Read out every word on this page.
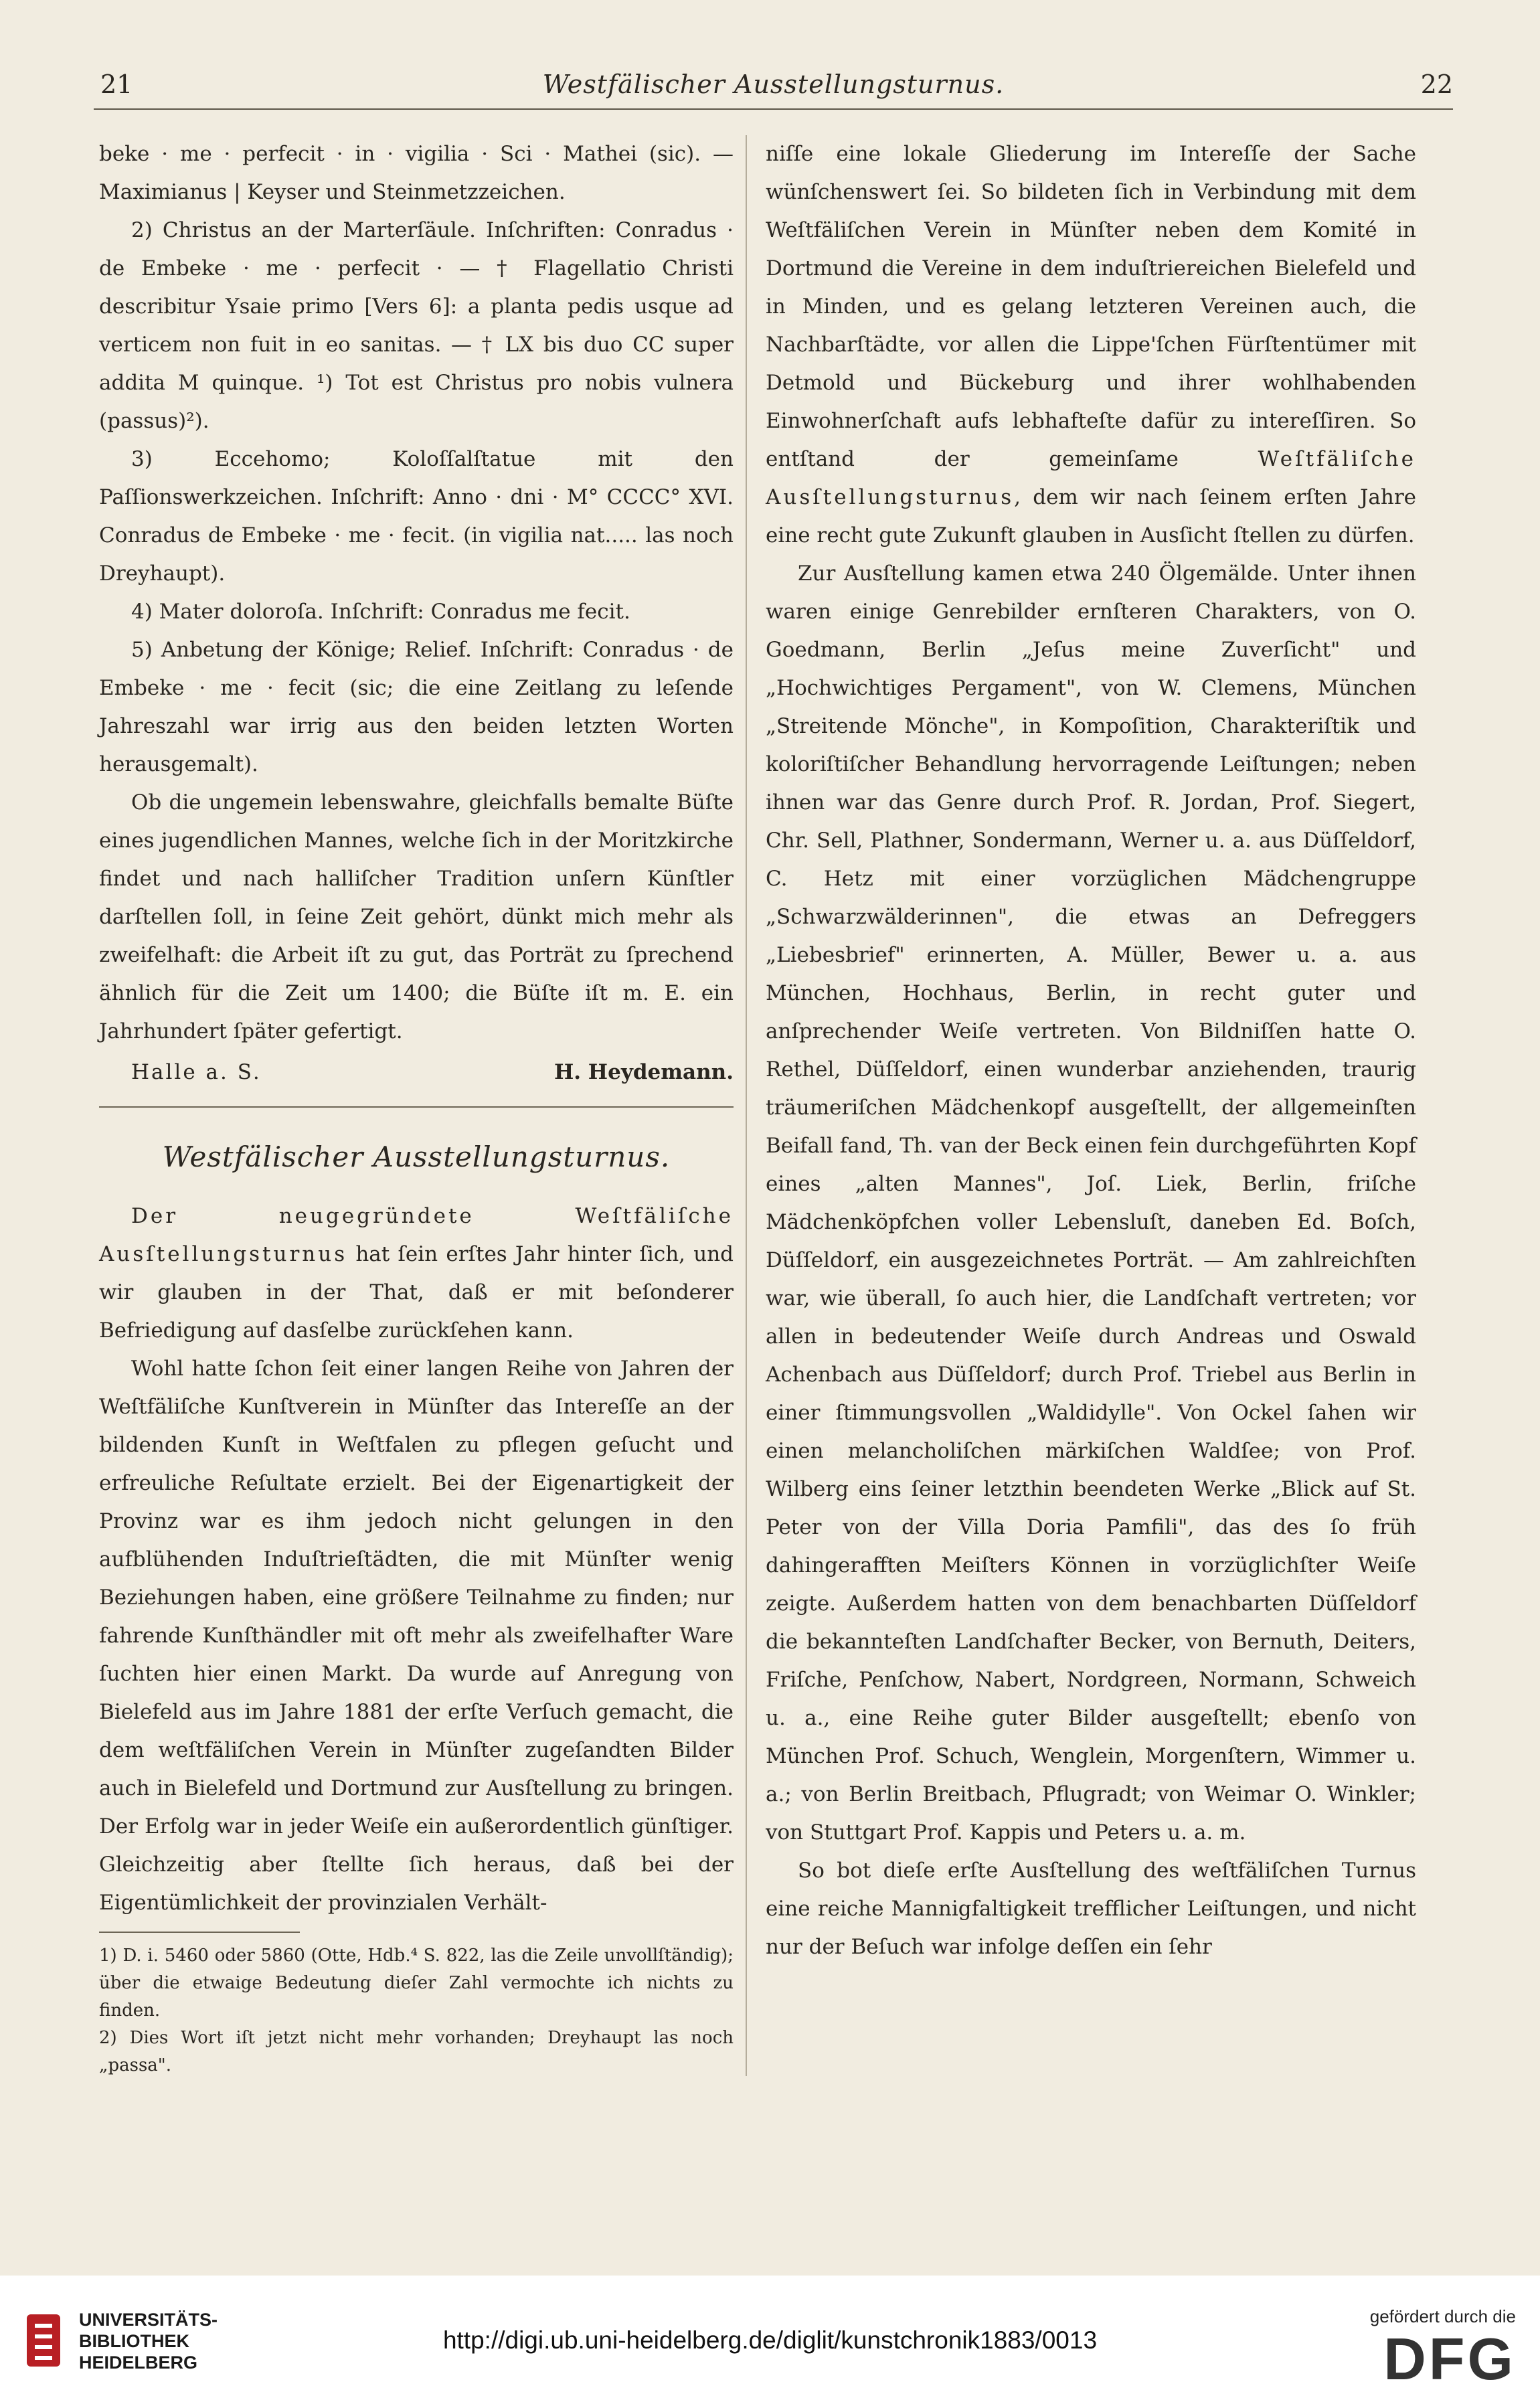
21	Westfälischer Ausstellungsturnus.	22

beke · me · perfecit · in · vigilia · Sci · Mathei (sic). — Maximianus | Keyser und Steinmetzzeichen.

2) Christus an der Marterſäule. Inſchriften: Conradus · de Embeke · me · perfecit · — † Flagellatio Christi describitur Ysaie primo [Vers 6]: a planta pedis usque ad verticem non fuit in eo sanitas. — † LX bis duo CC super addita M quinque. ¹) Tot est Christus pro nobis vulnera (passus)²).

3) Eccehomo; Koloſſalſtatue mit den Paſſionswerkzeichen. Inſchrift: Anno · dni · M° CCCC° XVI. Conradus de Embeke · me · fecit. (in vigilia nat..... las noch Dreyhaupt).

4) Mater doloroſa. Inſchrift: Conradus me fecit.

5) Anbetung der Könige; Relief. Inſchrift: Conradus · de Embeke · me · fecit (sic; die eine Zeitlang zu leſende Jahreszahl war irrig aus den beiden letzten Worten herausgemalt).

Ob die ungemein lebenswahre, gleichfalls bemalte Büſte eines jugendlichen Mannes, welche ſich in der Moritzkirche findet und nach halliſcher Tradition unſern Künſtler darſtellen ſoll, in ſeine Zeit gehört, dünkt mich mehr als zweifelhaft: die Arbeit iſt zu gut, das Porträt zu ſprechend ähnlich für die Zeit um 1400; die Büſte iſt m. E. ein Jahrhundert ſpäter gefertigt.

Halle a. S.	H. Heydemann.
Westfälischer Ausstellungsturnus.

Der neugegründete Weſtfäliſche Ausſtellungsturnus hat ſein erſtes Jahr hinter ſich, und wir glauben in der That, daß er mit beſonderer Befriedigung auf dasſelbe zurückſehen kann.

Wohl hatte ſchon ſeit einer langen Reihe von Jahren der Weſtfäliſche Kunſtverein in Münſter das Intereſſe an der bildenden Kunſt in Weſtfalen zu pflegen geſucht und erfreuliche Reſultate erzielt. Bei der Eigenartigkeit der Provinz war es ihm jedoch nicht gelungen in den aufblühenden Induſtrieſtädten, die mit Münſter wenig Beziehungen haben, eine größere Teilnahme zu finden; nur fahrende Kunſthändler mit oft mehr als zweifelhafter Ware ſuchten hier einen Markt. Da wurde auf Anregung von Bielefeld aus im Jahre 1881 der erſte Verſuch gemacht, die dem weſtfäliſchen Verein in Münſter zugeſandten Bilder auch in Bielefeld und Dortmund zur Ausſtellung zu bringen. Der Erfolg war in jeder Weiſe ein außerordentlich günſtiger. Gleichzeitig aber ſtellte ſich heraus, daß bei der Eigentümlichkeit der provinzialen Verhält-

1) D. i. 5460 oder 5860 (Otte, Hdb.⁴ S. 822, las die Zeile unvollſtändig); über die etwaige Bedeutung dieſer Zahl vermochte ich nichts zu finden.

2) Dies Wort iſt jetzt nicht mehr vorhanden; Dreyhaupt las noch „passa".

niſſe eine lokale Gliederung im Intereſſe der Sache wünſchenswert ſei. So bildeten ſich in Verbindung mit dem Weſtfäliſchen Verein in Münſter neben dem Komité in Dortmund die Vereine in dem induſtriereichen Bielefeld und in Minden, und es gelang letzteren Vereinen auch, die Nachbarſtädte, vor allen die Lippe'ſchen Fürſtentümer mit Detmold und Bückeburg und ihrer wohlhabenden Einwohnerſchaft aufs lebhafteſte dafür zu intereſſiren. So entſtand der gemeinſame Weſtfäliſche Ausſtellungsturnus, dem wir nach ſeinem erſten Jahre eine recht gute Zukunft glauben in Ausſicht ſtellen zu dürfen.

Zur Ausſtellung kamen etwa 240 Ölgemälde. Unter ihnen waren einige Genrebilder ernſteren Charakters, von O. Goedmann, Berlin „Jeſus meine Zuverſicht" und „Hochwichtiges Pergament", von W. Clemens, München „Streitende Mönche", in Kompoſition, Charakteriſtik und koloriſtiſcher Behandlung hervorragende Leiſtungen; neben ihnen war das Genre durch Prof. R. Jordan, Prof. Siegert, Chr. Sell, Plathner, Sondermann, Werner u. a. aus Düſſeldorf, C. Hetz mit einer vorzüglichen Mädchengruppe „Schwarzwälderinnen", die etwas an Defreggers „Liebesbrief" erinnerten, A. Müller, Bewer u. a. aus München, Hochhaus, Berlin, in recht guter und anſprechender Weiſe vertreten. Von Bildniſſen hatte O. Rethel, Düſſeldorf, einen wunderbar anziehenden, traurig träumeriſchen Mädchenkopf ausgeſtellt, der allgemeinſten Beifall fand, Th. van der Beck einen fein durchgeführten Kopf eines „alten Mannes", Joſ. Liek, Berlin, friſche Mädchenköpfchen voller Lebensluſt, daneben Ed. Boſch, Düſſeldorf, ein ausgezeichnetes Porträt. — Am zahlreichſten war, wie überall, ſo auch hier, die Landſchaft vertreten; vor allen in bedeutender Weiſe durch Andreas und Oswald Achenbach aus Düſſeldorf; durch Prof. Triebel aus Berlin in einer ſtimmungsvollen „Waldidylle". Von Ockel ſahen wir einen melancholiſchen märkiſchen Waldſee; von Prof. Wilberg eins ſeiner letzthin beendeten Werke „Blick auf St. Peter von der Villa Doria Pamfili", das des ſo früh dahingerafften Meiſters Können in vorzüglichſter Weiſe zeigte. Außerdem hatten von dem benachbarten Düſſeldorf die bekannteſten Landſchafter Becker, von Bernuth, Deiters, Friſche, Penſchow, Nabert, Nordgreen, Normann, Schweich u. a., eine Reihe guter Bilder ausgeſtellt; ebenſo von München Prof. Schuch, Wenglein, Morgenſtern, Wimmer u. a.; von Berlin Breitbach, Pflugradt; von Weimar O. Winkler; von Stuttgart Prof. Kappis und Peters u. a. m.

So bot dieſe erſte Ausſtellung des weſtfäliſchen Turnus eine reiche Mannigfaltigkeit trefflicher Leiſtungen, und nicht nur der Beſuch war infolge deſſen ein ſehr

UNIVERSITÄTS-
BIBLIOTHEK
HEIDELBERG
http://digi.ub.uni-heidelberg.de/diglit/kunstchronik1883/0013
gefördert durch die
DFG
